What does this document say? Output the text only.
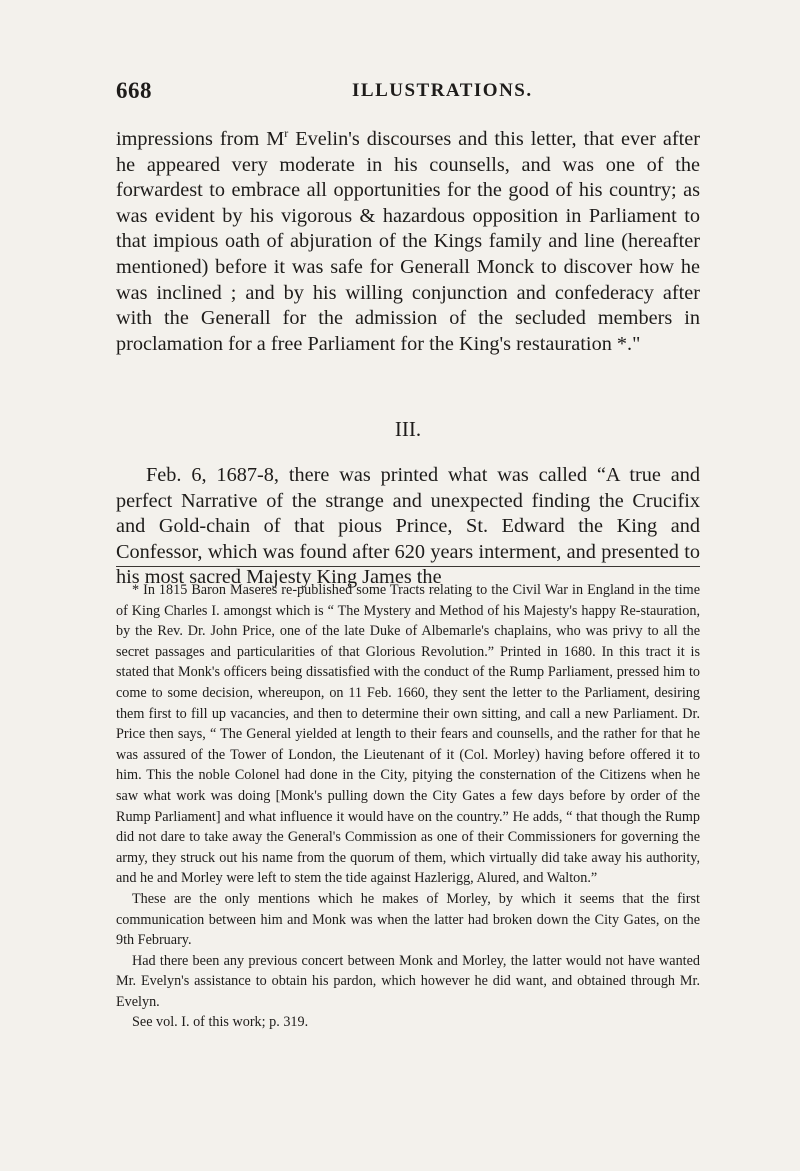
668	ILLUSTRATIONS.

impressions from $M^r$ Evelin's discourses and this letter, that ever after he appeared very moderate in his counsells, and was one of the forwardest to embrace all opportunities for the good of his country; as was evident by his vigorous & hazardous opposition in Parliament to that impious oath of abjuration of the Kings family and line (hereafter mentioned) before it was safe for Generall Monck to discover how he was inclined ; and by his willing conjunction and confederacy after with the Generall for the admission of the secluded members in proclamation for a free Parliament for the King's restauration *."

III.

Feb. 6, 1687-8, there was printed what was called “A true and perfect Narrative of the strange and unexpected finding the Crucifix and Gold-chain of that pious Prince, St. Edward the King and Confessor, which was found after 620 years interment, and presented to his most sacred Majesty King James the

* In 1815 Baron Maseres re-published some Tracts relating to the Civil War in England in the time of King Charles I. amongst which is “ The Mystery and Method of his Majesty's happy Re-stauration, by the Rev. Dr. John Price, one of the late Duke of Albemarle's chaplains, who was privy to all the secret passages and particularities of that Glorious Revolution.” Printed in 1680. In this tract it is stated that Monk's officers being dissatisfied with the conduct of the Rump Parliament, pressed him to come to some decision, whereupon, on 11 Feb. 1660, they sent the letter to the Parliament, desiring them first to fill up vacancies, and then to determine their own sitting, and call a new Parliament. Dr. Price then says, “ The General yielded at length to their fears and counsells, and the rather for that he was assured of the Tower of London, the Lieutenant of it (Col. Morley) having before offered it to him. This the noble Colonel had done in the City, pitying the consternation of the Citizens when he saw what work was doing [Monk's pulling down the City Gates a few days before by order of the Rump Parliament] and what influence it would have on the country.” He adds, “ that though the Rump did not dare to take away the General's Commission as one of their Commissioners for governing the army, they struck out his name from the quorum of them, which virtually did take away his authority, and he and Morley were left to stem the tide against Hazlerigg, Alured, and Walton.”

These are the only mentions which he makes of Morley, by which it seems that the first communication between him and Monk was when the latter had broken down the City Gates, on the 9th February.

Had there been any previous concert between Monk and Morley, the latter would not have wanted Mr. Evelyn's assistance to obtain his pardon, which however he did want, and obtained through Mr. Evelyn.

See vol. I. of this work; p. 319.
